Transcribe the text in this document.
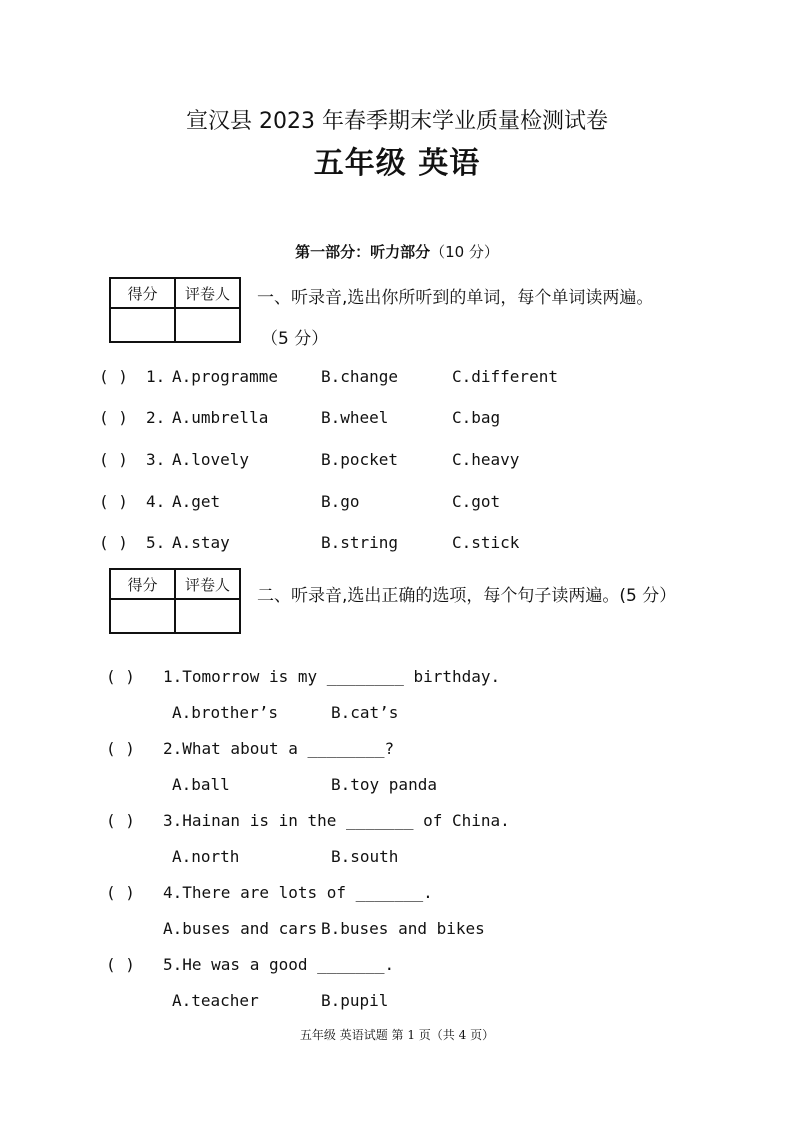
宣汉县 2023 年春季期末学业质量检测试卷
五年级 英语
第一部分：听力部分（10 分）
得分	评卷人
	一、听录音,选出你所听到的单词，每个单词读两遍。
（5 分）
( ) 1. A.programme	B.change	C.different
( ) 2. A.umbrella	B.wheel	C.bag
( ) 3. A.lovely	B.pocket	C.heavy
( ) 4. A.get	B.go	C.got
( ) 5. A.stay	B.string	C.stick
得分	评卷人

二、听录音,选出正确的选项，每个句子读两遍。(5 分）
( ) 1.Tomorrow is my ________ birthday.
A.brother’s	B.cat’s
( ) 2.What about a ________?
A.ball	B.toy panda
( ) 3.Hainan is in the _______ of China.
A.north	B.south
( ) 4.There are lots of _______.
A.buses and cars B.buses and bikes
( ) 5.He was a good _______.
A.teacher	B.pupil
五年级 英语试题 第 1 页（共 4 页）
